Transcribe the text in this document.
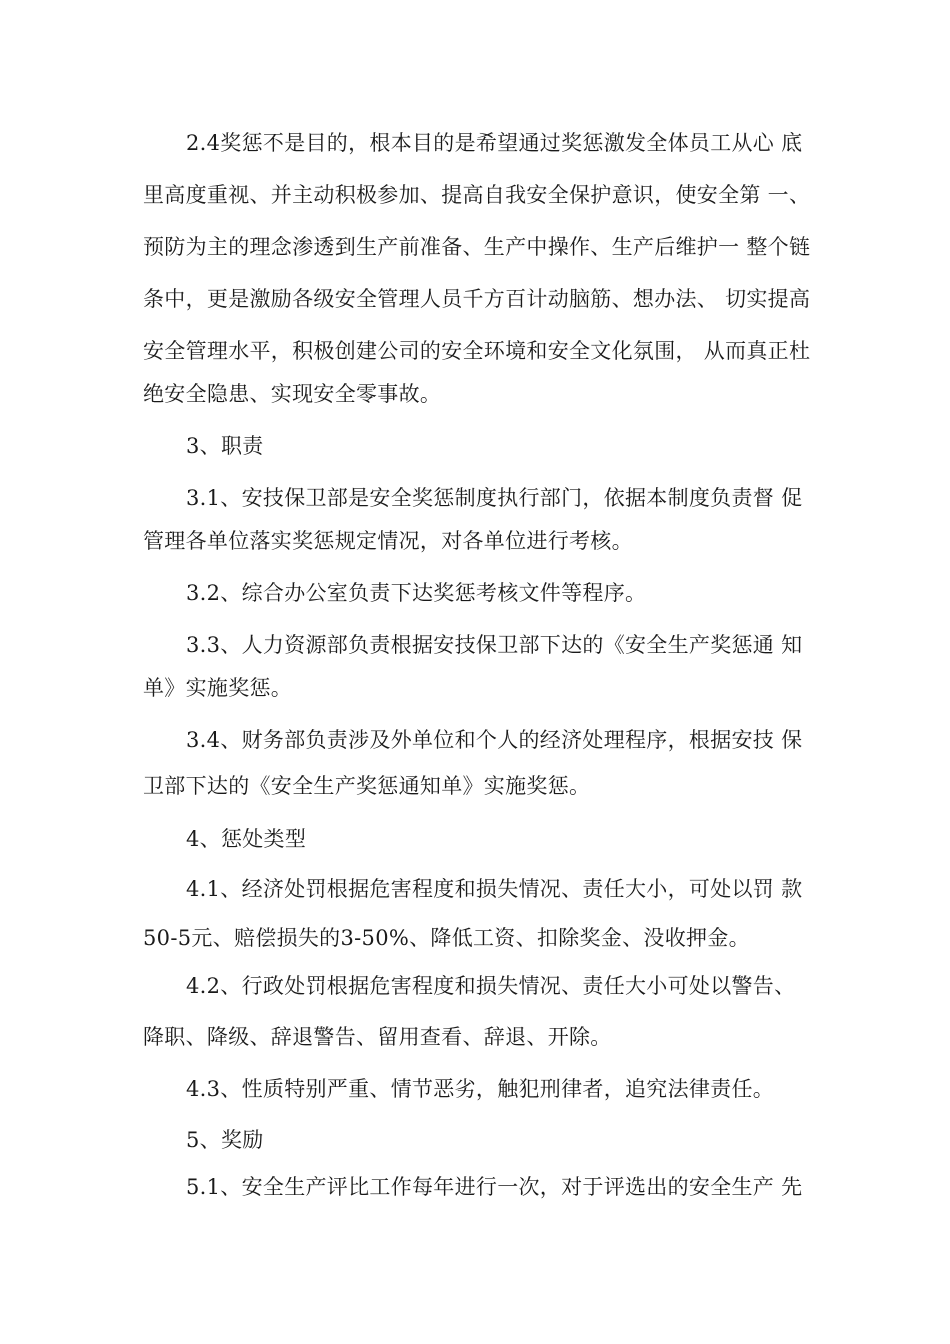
2.4奖惩不是目的，根本目的是希望通过奖惩激发全体员工从心 底
里高度重视、并主动积极参加、提高自我安全保护意识，使安全第 一、
预防为主的理念渗透到生产前准备、生产中操作、生产后维护一 整个链
条中，更是激励各级安全管理人员千方百计动脑筋、想办法、 切实提高
安全管理水平，积极创建公司的安全环境和安全文化氛围， 从而真正杜
绝安全隐患、实现安全零事故。
3、职责
3.1、安技保卫部是安全奖惩制度执行部门，依据本制度负责督 促
管理各单位落实奖惩规定情况，对各单位进行考核。
3.2、综合办公室负责下达奖惩考核文件等程序。
3.3、人力资源部负责根据安技保卫部下达的《安全生产奖惩通 知
单》实施奖惩。
3.4、财务部负责涉及外单位和个人的经济处理程序，根据安技 保
卫部下达的《安全生产奖惩通知单》实施奖惩。
4、惩处类型
4.1、经济处罚根据危害程度和损失情况、责任大小，可处以罚 款
50-5元、赔偿损失的3-50%、降低工资、扣除奖金、没收押金。
4.2、行政处罚根据危害程度和损失情况、责任大小可处以警告、
降职、降级、辞退警告、留用查看、辞退、开除。
4.3、性质特别严重、情节恶劣，触犯刑律者，追究法律责任。
5、奖励
5.1、安全生产评比工作每年进行一次，对于评选出的安全生产 先
